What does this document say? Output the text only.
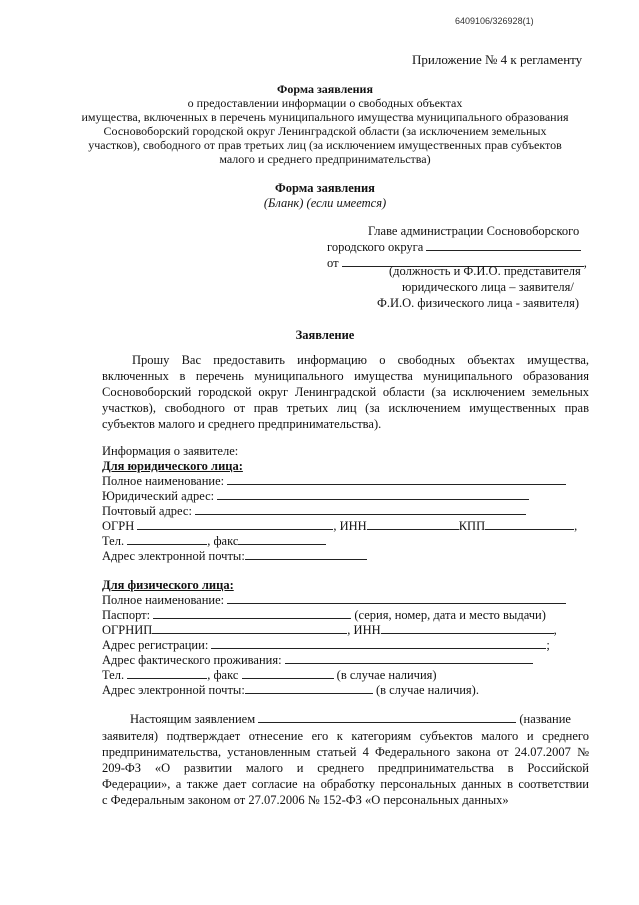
6409106/326928(1)
Приложение № 4 к регламенту
Форма заявления
о предоставлении информации о свободных объектах
имущества, включенных в перечень муниципального имущества муниципального образования
Сосновоборский городской округ Ленинградской области (за исключением земельных
участков), свободного от прав третьих лиц (за исключением имущественных прав субъектов
малого и среднего предпринимательства)
Форма заявления
(Бланк) (если имеется)
Главе администрации Сосновоборского
городского округа
от	,
(должность и Ф.И.О. представителя
юридического лица – заявителя/
Ф.И.О. физического лица - заявителя)
Заявление
Прошу Вас предоставить информацию о свободных объектах имущества, включенных в перечень муниципального имущества муниципального образования Сосновоборский городской округ Ленинградской области (за исключением земельных участков), свободного от прав третьих лиц (за исключением имущественных прав субъектов малого и среднего предпринимательства).
Информация о заявителе:
Для юридического лица:
Полное наименование:
Юридический адрес:
Почтовый адрес:
ОГРН	, ИНН	КПП	,
Тел.	, факс
Адрес электронной почты:
Для физического лица:
Полное наименование:
Паспорт:	(серия, номер, дата и место выдачи)
ОГРНИП	, ИНН	,
Адрес регистрации:	;
Адрес фактического проживания:
Тел.	, факс	(в случае наличия)
Адрес электронной почты:	(в случае наличия).
Настоящим заявлением	(название
заявителя) подтверждает отнесение его к категориям субъектов малого и среднего
предпринимательства, установленным статьей 4 Федерального закона от 24.07.2007 №
209-ФЗ «О развитии малого и среднего предпринимательства в Российской
Федерации», а также дает согласие на обработку персональных данных в соответствии
с Федеральным законом от 27.07.2006 № 152-ФЗ «О персональных данных»
